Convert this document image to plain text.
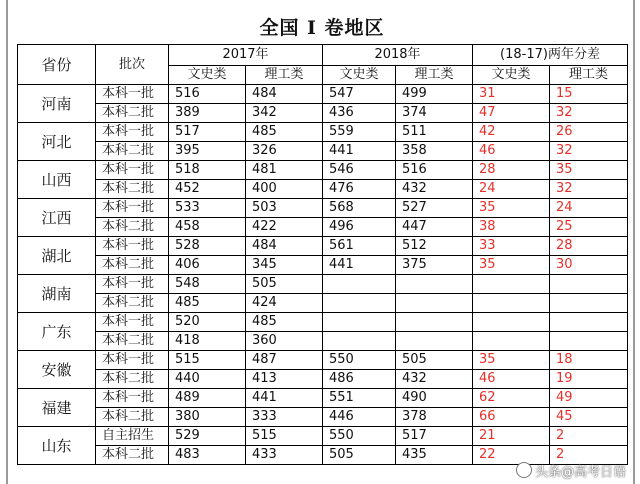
全国 I 卷地区
省份	批次	2017年		2018年		(18-17)两年分差	
		文史类	理工类	文史类	理工类	文史类	理工类
河南	本科一批	516	484	547	499	31	15
	本科二批	389	342	436	374	47	32
河北	本科一批	517	485	559	511	42	26
	本科二批	395	326	441	358	46	32
山西	本科一批	518	481	546	516	28	35
	本科二批	452	400	476	432	24	32
江西	本科一批	533	503	568	527	35	24
	本科二批	458	422	496	447	38	25
湖北	本科一批	528	484	561	512	33	28
	本科二批	406	345	441	375	35	30
湖南	本科一批	548	505				
	本科二批	485	424				
广东	本科一批	520	485				
	本科二批	418	360				
安徽	本科一批	515	487	550	505	35	18
	本科二批	440	413	486	432	46	19
福建	本科一批	489	441	551	490	62	49
	本科二批	380	333	446	378	66	45
山东	自主招生	529	515	550	517	21	2
	本科二批	483	433	505	435	22	2
头条@高考日语
